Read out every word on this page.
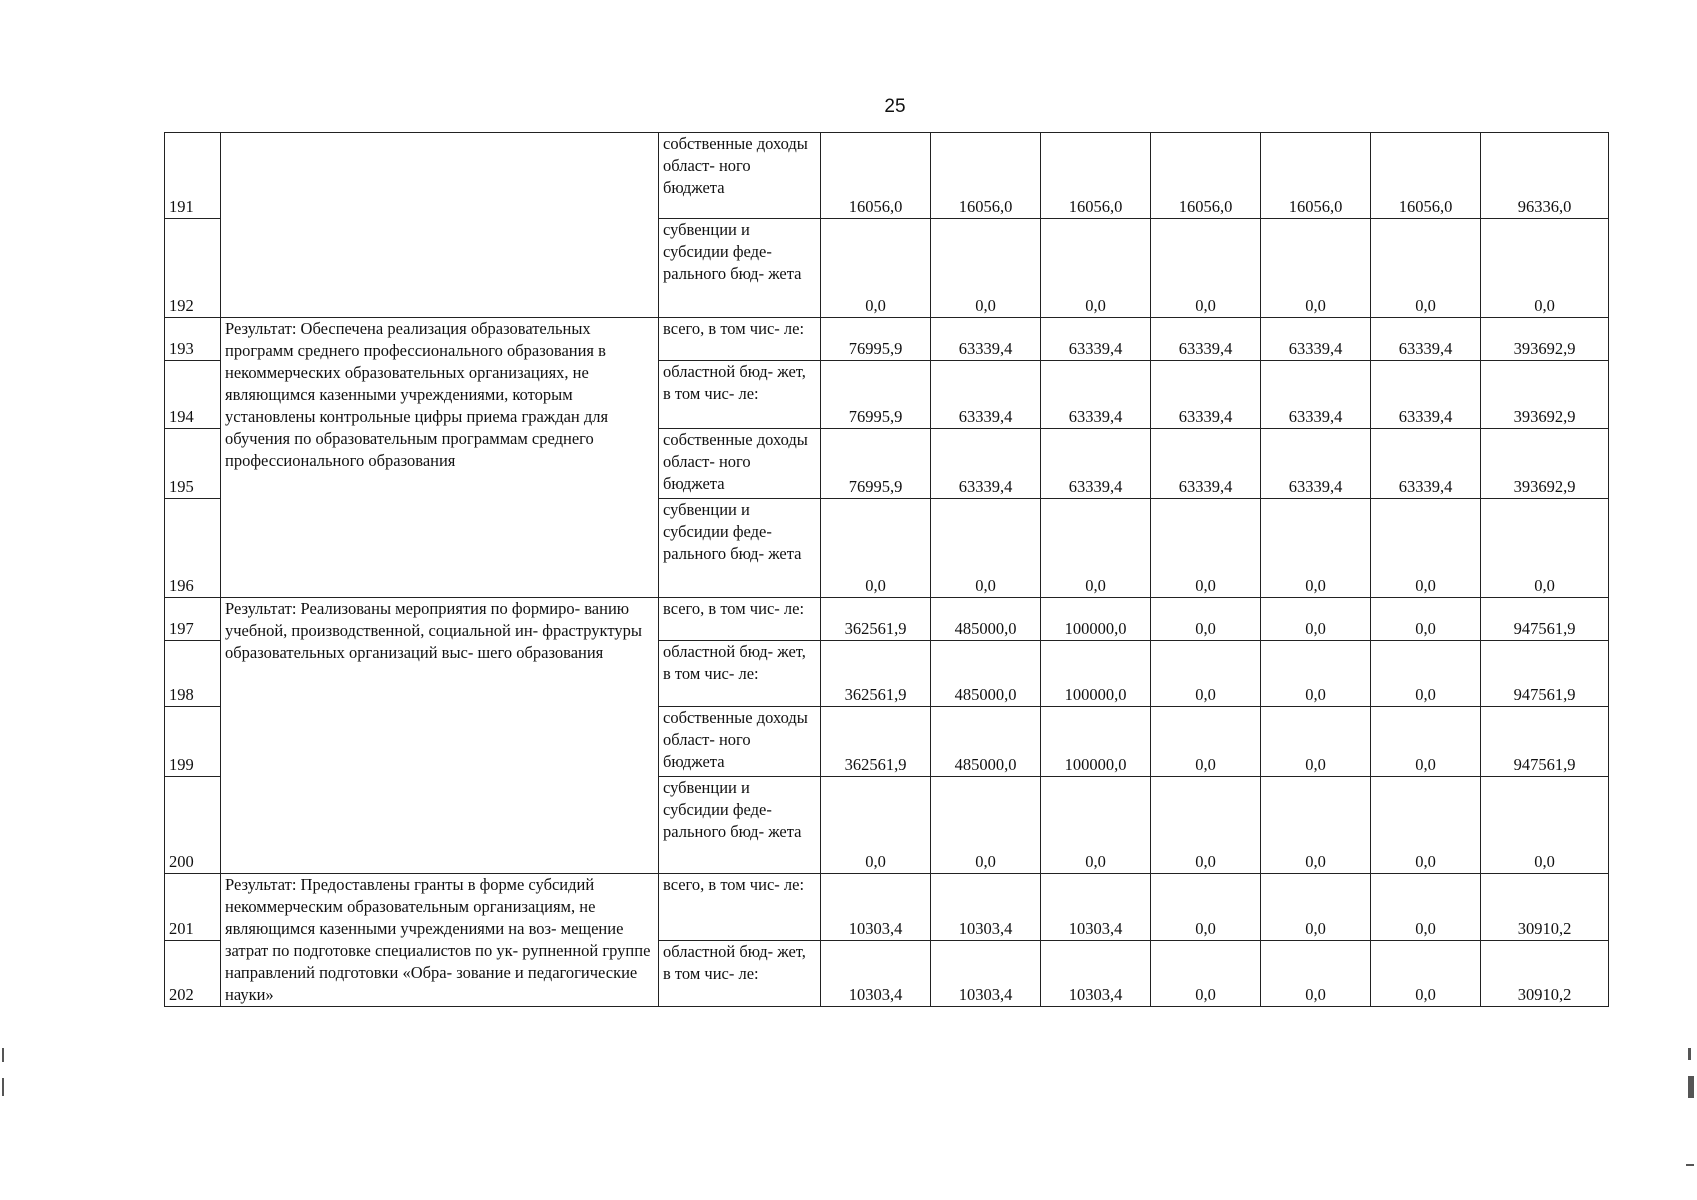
25
191		собственные доходы област- ного бюджета	16056,0	16056,0	16056,0	16056,0	16056,0	16056,0	96336,0
192		субвенции и субсидии феде- рального бюд- жета	0,0	0,0	0,0	0,0	0,0	0,0	0,0
193	Результат: Обеспечена реализация образовательных программ среднего профессионального образования в некоммерческих образовательных организациях, не являющимся казенными учреждениями, которым установлены контрольные цифры приема граждан для обучения по образовательным программам среднего профессионального образования	всего, в том чис- ле:	76995,9	63339,4	63339,4	63339,4	63339,4	63339,4	393692,9
194		областной бюд- жет, в том чис- ле:	76995,9	63339,4	63339,4	63339,4	63339,4	63339,4	393692,9
195		собственные доходы област- ного бюджета	76995,9	63339,4	63339,4	63339,4	63339,4	63339,4	393692,9
196		субвенции и субсидии феде- рального бюд- жета	0,0	0,0	0,0	0,0	0,0	0,0	0,0
197	Результат: Реализованы мероприятия по формиро- ванию учебной, производственной, социальной ин- фраструктуры образовательных организаций выс- шего образования	всего, в том чис- ле:	362561,9	485000,0	100000,0	0,0	0,0	0,0	947561,9
198		областной бюд- жет, в том чис- ле:	362561,9	485000,0	100000,0	0,0	0,0	0,0	947561,9
199		собственные доходы област- ного бюджета	362561,9	485000,0	100000,0	0,0	0,0	0,0	947561,9
200		субвенции и субсидии феде- рального бюд- жета	0,0	0,0	0,0	0,0	0,0	0,0	0,0
201	Результат: Предоставлены гранты в форме субсидий некоммерческим образовательным организациям, не являющимся казенными учреждениями на воз- мещение затрат по подготовке специалистов по ук- рупненной группе направлений подготовки «Обра- зование и педагогические науки»	всего, в том чис- ле:	10303,4	10303,4	10303,4	0,0	0,0	0,0	30910,2
202		областной бюд- жет, в том чис- ле:	10303,4	10303,4	10303,4	0,0	0,0	0,0	30910,2
